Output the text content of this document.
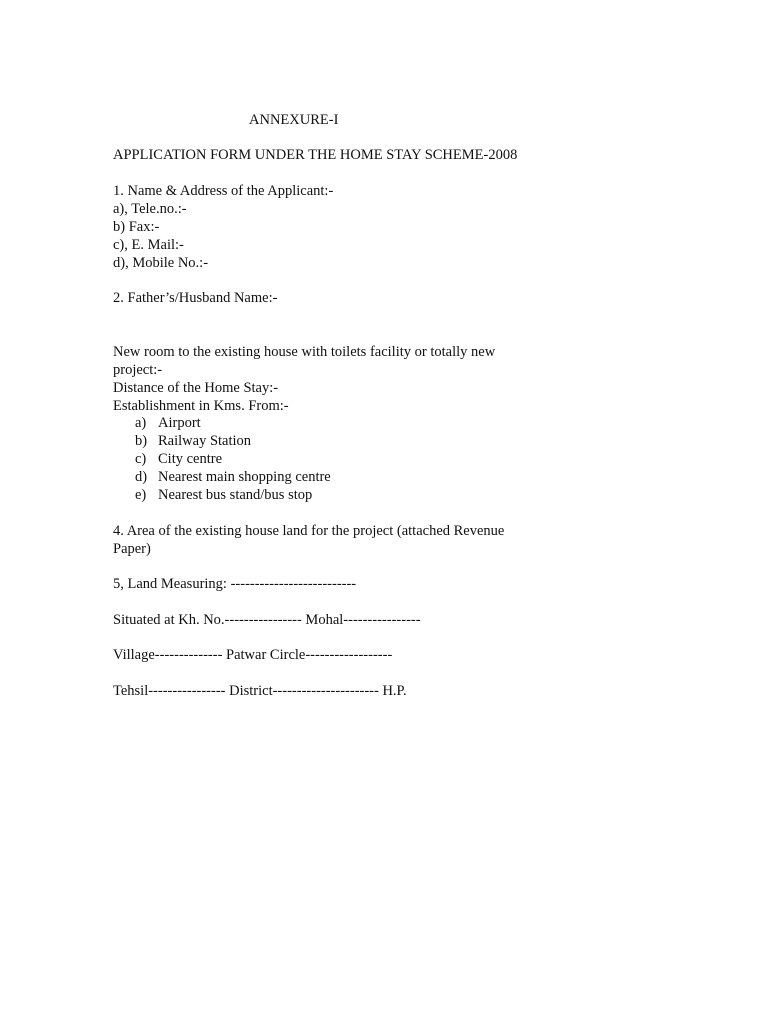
ANNEXURE-I
APPLICATION FORM UNDER THE HOME STAY SCHEME-2008
1. Name & Address of the Applicant:-
a), Tele.no.:-
b) Fax:-
c), E. Mail:-
d), Mobile No.:-
2. Father’s/Husband Name:-
New room to the existing house with toilets facility or totally new
project:-
Distance of the Home Stay:-
Establishment in Kms. From:-
a) Airport
b) Railway Station
c) City centre
d) Nearest main shopping centre
e) Nearest bus stand/bus stop
4. Area of the existing house land for the project (attached Revenue
Paper)
5, Land Measuring: --------------------------
Situated at Kh. No.---------------- Mohal----------------
Village-------------- Patwar Circle------------------
Tehsil---------------- District---------------------- H.P.
